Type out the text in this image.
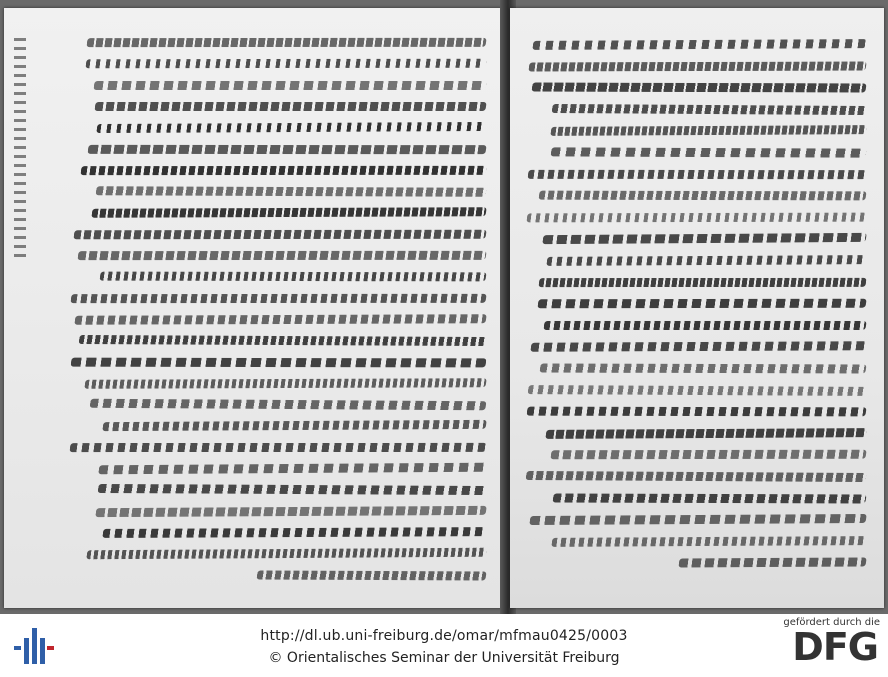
http://dl.ub.uni-freiburg.de/omar/mfmau0425/0003
© Orientalisches Seminar der Universität Freiburg
gefördert durch die
DFG
